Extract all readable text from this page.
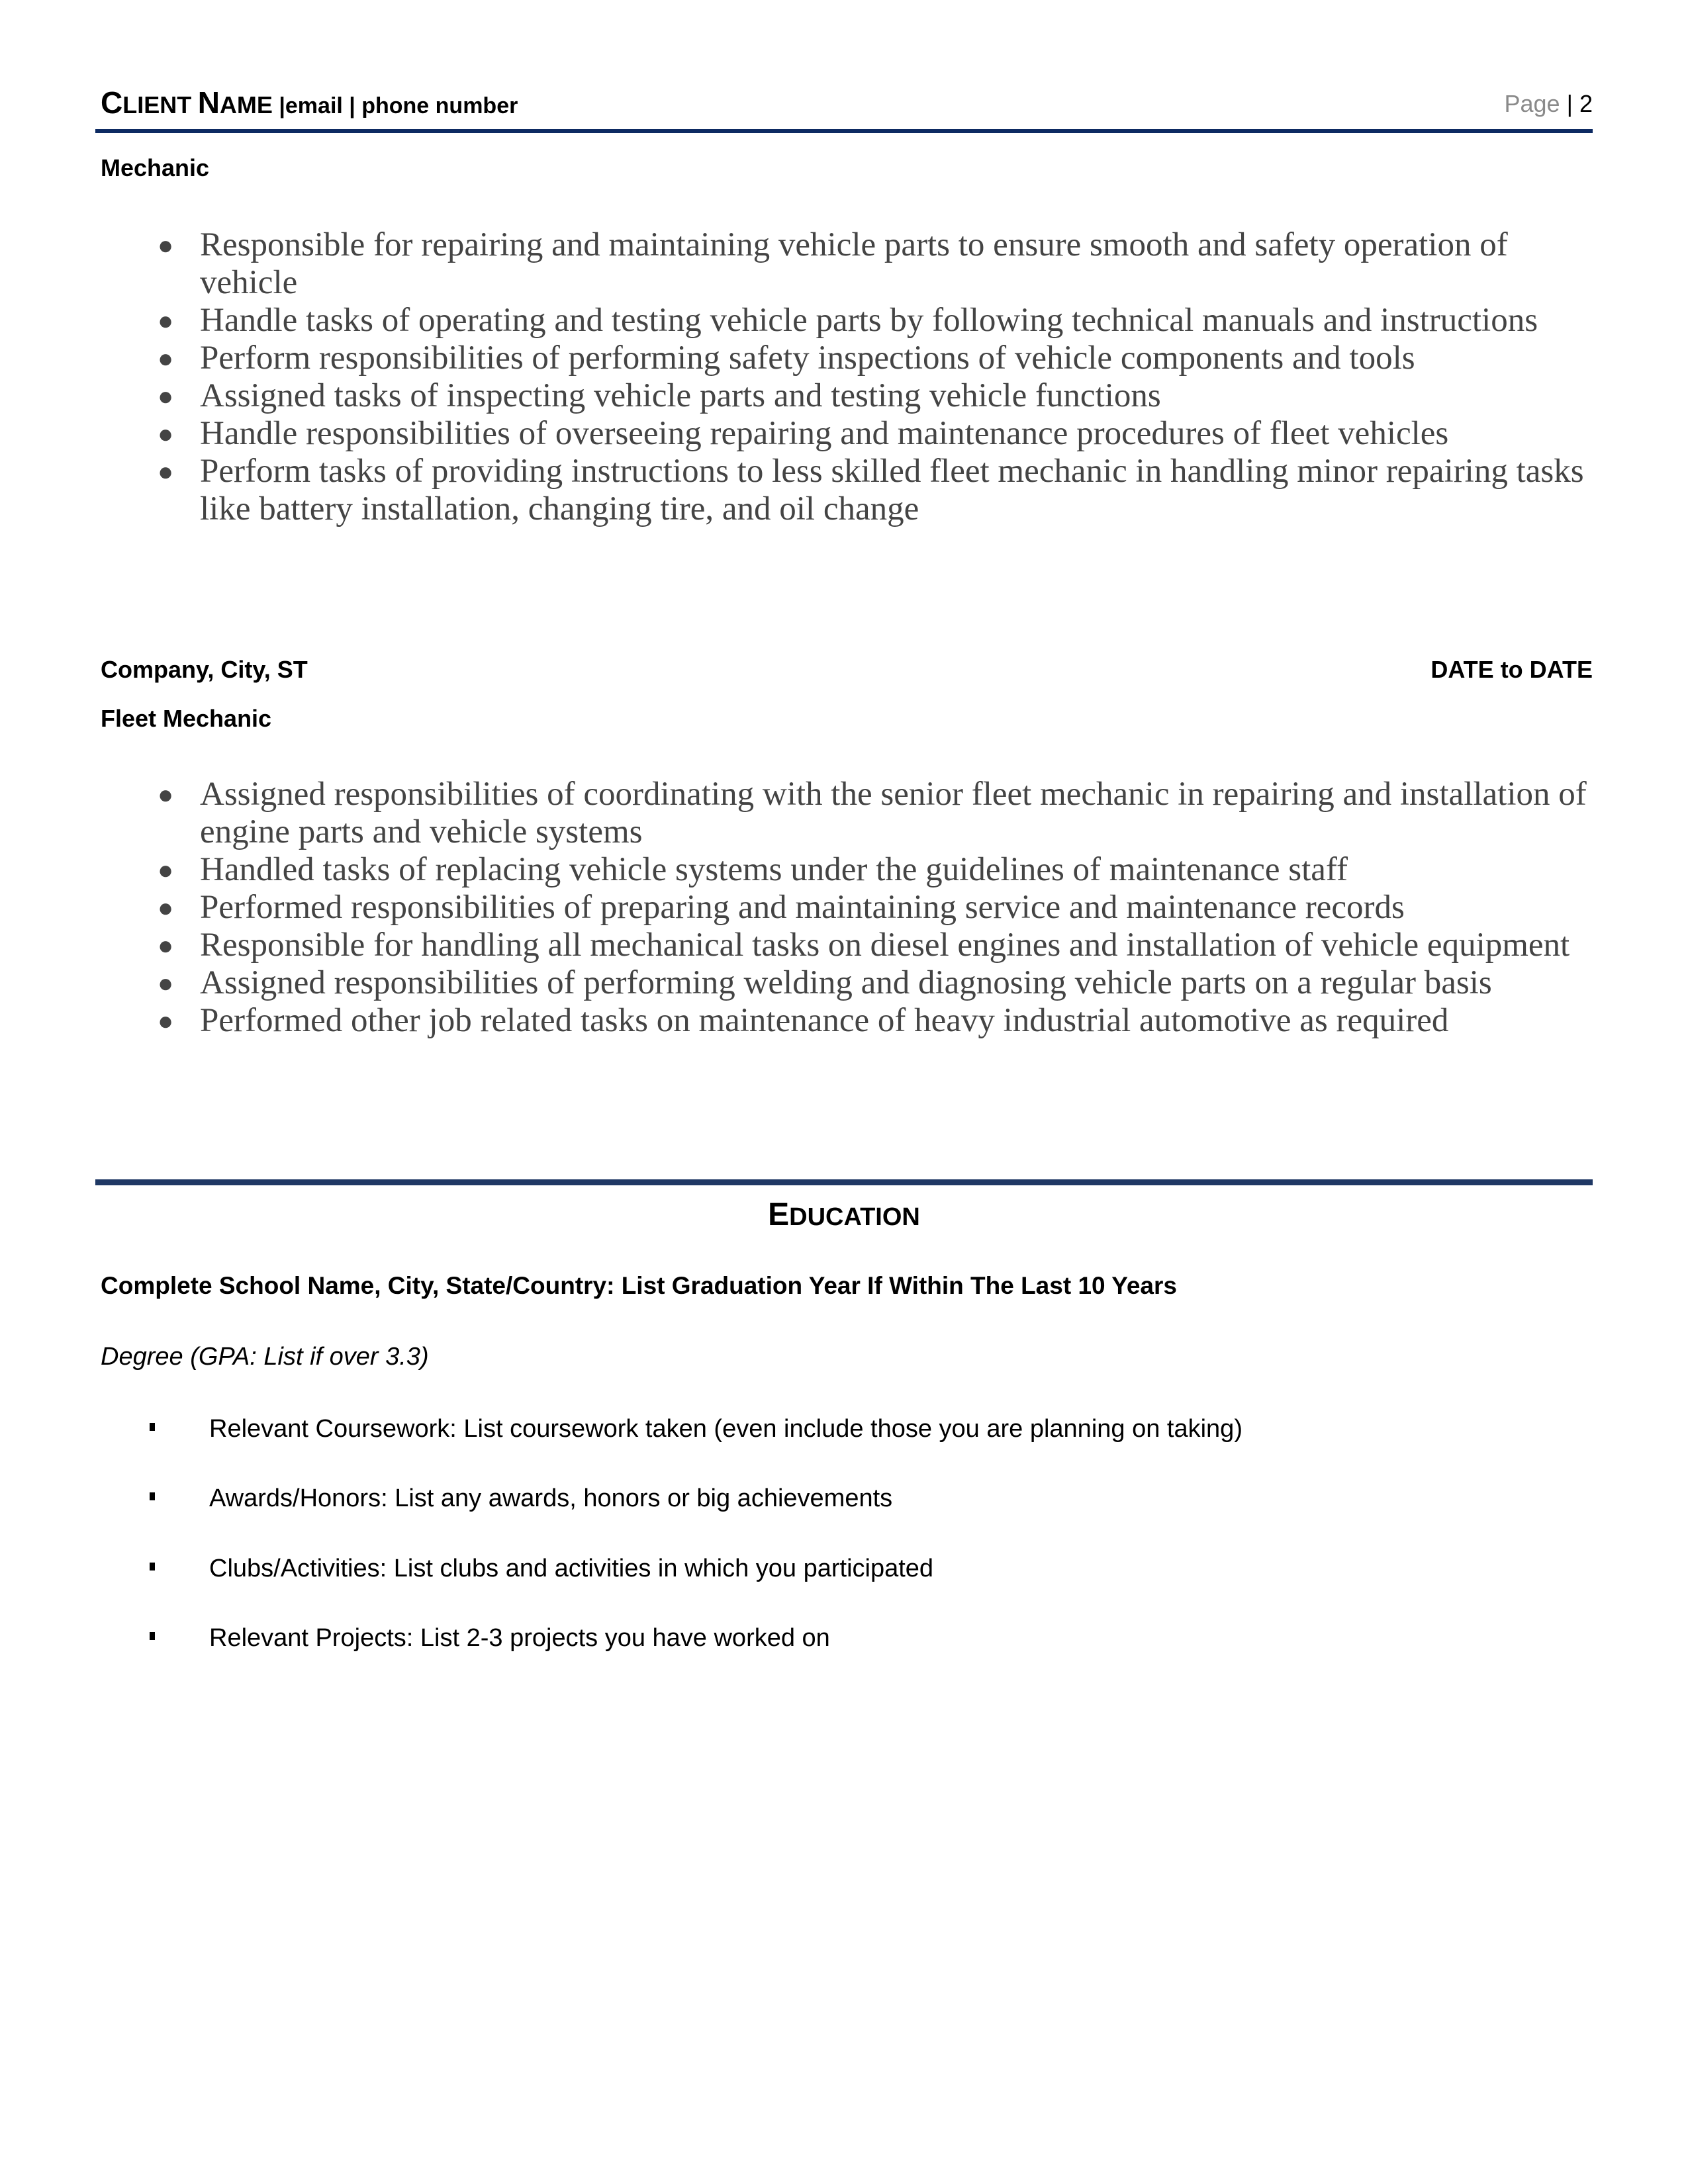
CLIENT NAME |email | phone number	Page | 2
Mechanic
● Responsible for repairing and maintaining vehicle parts to ensure smooth and safety operation of vehicle
● Handle tasks of operating and testing vehicle parts by following technical manuals and instructions
● Perform responsibilities of performing safety inspections of vehicle components and tools
● Assigned tasks of inspecting vehicle parts and testing vehicle functions
● Handle responsibilities of overseeing repairing and maintenance procedures of fleet vehicles
● Perform tasks of providing instructions to less skilled fleet mechanic in handling minor repairing tasks like battery installation, changing tire, and oil change
Company, City, ST	DATE to DATE
Fleet Mechanic
● Assigned responsibilities of coordinating with the senior fleet mechanic in repairing and installation of engine parts and vehicle systems
● Handled tasks of replacing vehicle systems under the guidelines of maintenance staff
● Performed responsibilities of preparing and maintaining service and maintenance records
● Responsible for handling all mechanical tasks on diesel engines and installation of vehicle equipment
● Assigned responsibilities of performing welding and diagnosing vehicle parts on a regular basis
● Performed other job related tasks on maintenance of heavy industrial automotive as required
EDUCATION
Complete School Name, City, State/Country: List Graduation Year If Within The Last 10 Years
Degree (GPA: List if over 3.3)
Relevant Coursework: List coursework taken (even include those you are planning on taking)
Awards/Honors: List any awards, honors or big achievements
Clubs/Activities: List clubs and activities in which you participated
Relevant Projects: List 2-3 projects you have worked on
